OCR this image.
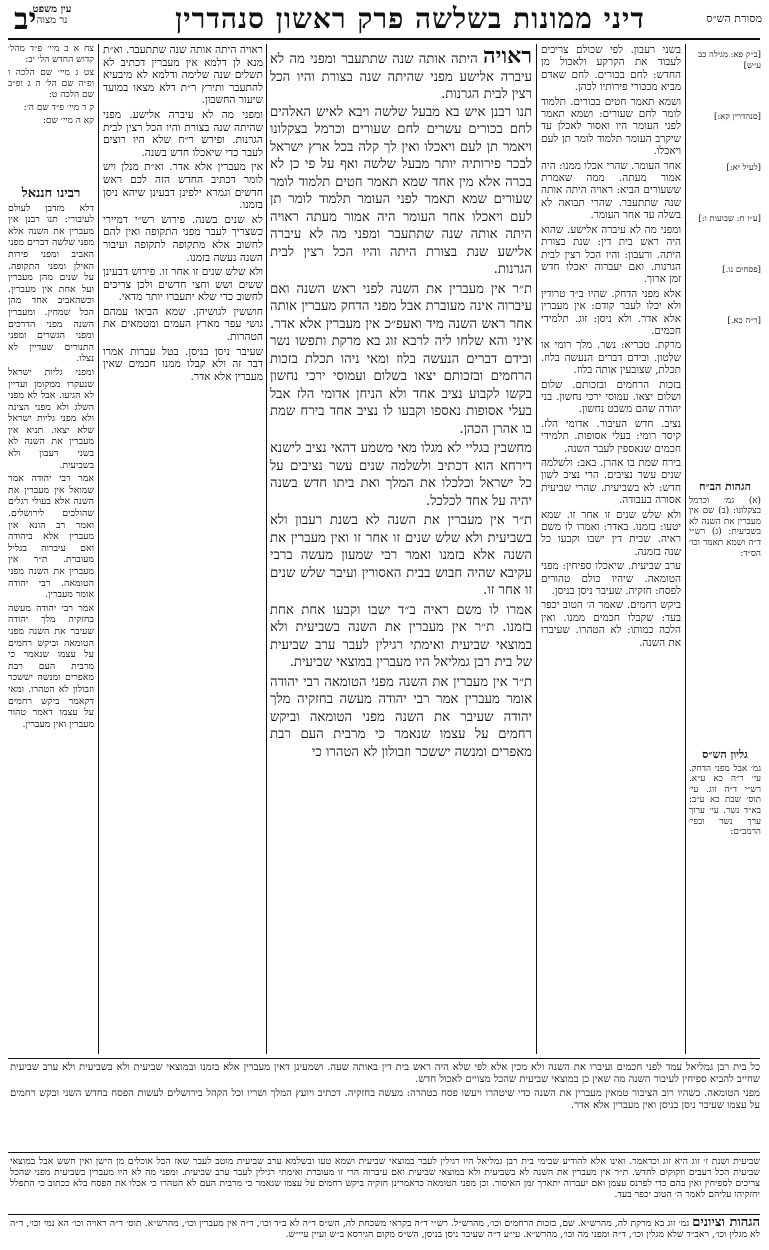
יב	דיני ממונות בשלשה פרק ראשון סנהדרין	מסורת הש״ס
עין משפט
נר מצוה

צח א ב מיי׳ פ״ד מהל׳ קדוש החדש הל׳ יב:

צט ג מיי׳ שם הלכה ו ופ״ה שם הל׳ ה ג ופ״ב שם הלכה ט:

ק ד מיי׳ פ״ד שם ה׳:

קא ה מיי׳ שם:

רבינו חננאל

דלא מזדבן לעולם לעיבורי: תנו רבנן אין מעברין את השנה אלא מפני שלשה דברים מפני האביב ומפני פירות האילן ומפני התקופה. על שנים מהן מעברין ועל אחת אין מעברין. וכשהאביב אחד מהן הכל שמחין. ומעברין השנה מפני הדרכים ומפני הגשרים ומפני התנורים שעדיין לא נצלו.

ומפני גליות ישראל שנעקרו ממקומן ועדיין לא הגיעו. אבל לא מפני השלג ולא מפני הצינה ולא מפני גליות ישראל שלא יצאו. תניא אין מעברין את השנה לא בשני רעבון ולא בשביעית.

אמר רבי יהודה אמר שמואל אין מעברין את השנה אלא בעולי רגלים שהולכים לירושלים. ואמר רב הונא אין מעברין אלא ביהודה ואם עיברוה בגליל מעוברת. ת״ר אין מעברין את השנה מפני הטומאה. רבי יהודה אומר מעברין.

אמר רבי יהודה מעשה בחזקיה מלך יהודה שעיבר את השנה מפני הטומאה וביקש רחמים על עצמו שנאמר כי מרבית העם רבת מאפרים ומנשה יששכר וזבולון לא הטהרו. ומאי דקאמר ביקש רחמים על עצמו דאמר טהור מעברין ואין מעברין.

ראויה היתה אותה שנה שתתעבר. וא״ת מנא לן דלמא אין מעברין דכתיב לא תשלים שנה שלימה ודלמא לא מיבעיא להתעבר ותירץ ר״ת דלא מצאו במועד שיעור החשבון.

ומפני מה לא עיברה אלישע. מפני שהיתה שנה בצורת והיו הכל רצין לבית הגרנות. ופירש ר״ח שלא היו רוצים לעבר כדי שיאכלו חדש בשנה.

אין מעברין אלא אדר. וא״ת מנלן ויש לומר דכתיב החדש הזה לכם ראש חדשים וגמרא ילפינן דבעינן שיהא ניסן בזמנו.

לא שנים בשנה. פירוש רש״י דמיירי כשצריך לעבר מפני התקופה ואין להם לחשוב אלא מתקופה לתקופה ועיבור השנה נעשה בזמנו.

ולא שלש שנים זו אחר זו. פירוש דבעינן ששים ושש וחצי חדשים ולכן צריכים לחשוב כדי שלא יתעברו יותר מדאי.

חוששין לגושיהן. שמא הביאו עמהם גושי עפר מארץ העמים ומטמאים את הטהרות.

שעיבר ניסן בניסן. בטל עברות אמרו דבר זה ולא קבלו ממנו חכמים שאין מעברין אלא אדר.

ראויה היתה אותה שנה שתתעבר ומפני מה לא עיברה אלישע מפני שהיתה שנה בצורת והיו הכל רצין לבית הגרנות.

תנו רבנן איש בא מבעל שלשה ויבא לאיש האלהים לחם בכורים עשרים לחם שעורים וכרמל בצקלונו ויאמר תן לעם ויאכלו ואין לך קלה בכל ארץ ישראל לבכר פירותיה יותר מבעל שלשה ואף על פי כן לא בכרה אלא מין אחד שמא תאמר חטים תלמוד לומר שעורים שמא תאמר לפני העומר תלמוד לומר תן לעם ויאכלו אחר העומר היה אמור מעתה ראויה היתה אותה שנה שתתעבר ומפני מה לא עיברה אלישע שנת בצורת היתה והיו הכל רצין לבית הגרנות.

ת״ר אין מעברין את השנה לפני ראש השנה ואם עיברוה אינה מעוברת אבל מפני הדחק מעברין אותה אחר ראש השנה מיד ואעפ״כ אין מעברין אלא אדר. איני והא שלחו ליה לרבא זוג בא מרקת ותפשו נשר ובידם דברים הנעשה בלוז ומאי ניהו תכלת בזכות הרחמים ובזכותם יצאו בשלום ועמוסי ירכי נחשון בקשו לקבוע נציב אחד ולא הניחן אדומי הלז אבל בעלי אסופות נאספו וקבעו לו נציב אחד בירח שמת בו אהרן הכהן.

מחשבין בגליי לא מגלו מאי משמע דהאי נציב לישנא דירחא הוא דכתיב ולשלמה שנים עשר נציבים על כל ישראל וכלכלו את המלך ואת ביתו חדש בשנה יהיה על אחד לכלכל.

ת״ר אין מעברין את השנה לא בשנת רעבון ולא בשביעית ולא שלש שנים זו אחר זו ואין מעברין את השנה אלא בזמנו ואמר רבי שמעון מעשה ברבי עקיבא שהיה חבוש בבית האסורין ועיבר שלש שנים זו אחר זו.

אמרו לו משם ראיה ב״ד ישבו וקבעו אחת אחת בזמנו. ת״ר אין מעברין את השנה בשביעית ולא במוצאי שביעית ואימתי רגילין לעבר ערב שביעית של בית רבן גמליאל היו מעברין במוצאי שביעית.

ת״ר אין מעברין את השנה מפני הטומאה רבי יהודה אומר מעברין אמר רבי יהודה מעשה בחזקיה מלך יהודה שעיבר את השנה מפני הטומאה וביקש רחמים על עצמו שנאמר כי מרבית העם רבת מאפרים ומנשה יששכר וזבולון לא הטהרו כי

בשני רעבון. לפי שכולם צריכים לעבוד את הקרקע ולאכול מן החדש: לחם בכורים. לחם שאדם מביא מבכורי פירותיו לכהן.

ושמא תאמר חטים בכורים. תלמוד לומר לחם שעורים: ושמא תאמר לפני העומר היו ואסור לאכלן עד שיקרב העומר תלמוד לומר תן לעם ויאכלו.

אחר העומר. שהרי אכלו ממנו: היה אמור מעתה. ממה שאמרת ששעורים הביא: ראויה היתה אותה שנה שתתעבר. שהרי תבואה לא בשלה עד אחר העומר.

ומפני מה לא עיברה אלישע. שהוא היה ראש בית דין: שנת בצורת היתה. ורעבון: והיו הכל רצין לבית הגרנות. ואם יעברוה יאכלו חדש זמן ארוך.

אלא מפני הדחק. שהיו ב״ד טרודין ולא יכלו לעבר קודם: אין מעברין אלא אדר. ולא ניסן: זוג. תלמידי חכמים.

מרקת. טבריא: נשר. מלך רומי או שלטון. ובידם דברים הנעשה בלוז. תכלת, שצובעין אותה בלוז.

בזכות הרחמים ובזכותם. שלום ושלום יצאו. עמוסי ירכי נחשון. בני יהודה שהם משבט נחשון.

נציב. חדש העיבור. אדומי הלז. קיסר רומי: בעלי אסופות. תלמידי חכמים שנאספין לעבר השנה.

בירח שמת בו אהרן. באב: ולשלמה שנים עשר נציבים. הרי נציב לשון חדש: לא בשביעית. שהרי שביעית אסורה בעבודה.

ולא שלש שנים זו אחר זו. שמא יטעו: בזמנו. באדר: ואמרו לו משם ראיה. שבית דין ישבו וקבעו כל שנה בזמנה.

ערב שביעית. שיאכלו ספיחין: מפני הטומאה. שיהיו כולם טהורים לפסח: חזקיה. שעיבר ניסן בניסן.

ביקש רחמים. שאמר ה׳ הטוב יכפר בעד: שקבלו חכמים ממנו. ואין הלכה כמותו: לא הטהרו. שעיברו את השנה.

[ב״ק פא: מגילה כב ע״ש]

[סנהדרין קא:]

[לעיל יא:]

[ע״ז ח: שבועות ו:]

[פסחים נו.]

[ר״ה כא.]

הגהות הב״ח

(א) גמ׳ וכרמל בצקלונו: (ב) שם אין מעברין את השנה לא בשביעית: (ג) רש״י ד״ה ושמא תאמר וכו׳ הס״ד:

גליון הש״ס

גמ׳ אבל מפני הדחק. עי׳ ר״ה כא ע״א. רש״י ד״ה זוג. עי׳ תוס׳ שבת כא ע״ב: בא״ד נשר. עי׳ ערוך ערך נשר ובפי׳ הרמב״ם:

כל בית רבן גמליאל עמד לפני חכמים ועיברו את השנה ולא מכין אלא לפי שלא היה ראש בית דין באותה שעה. ושמעינן דאין מעברין אלא בזמנו ובמוצאי שביעית ולא בשביעית ולא ערב שביעית שחייב להביא ספיחין לעיבור השנה מה שאין כן במוצאי שביעית שהכל מצויים לאכול חדש.

מפני הטומאה. כשהיו רוב הציבור טמאין מעברין את השנה כדי שיטהרו ויעשו פסח בטהרה: מעשה בחזקיה. דכתיב ויועץ המלך ושריו וכל הקהל בירושלים לעשות הפסח בחדש השני ובקש רחמים על עצמו שעיבר ניסן בניסן ואין מעברין אלא אדר.

שביעית ושנת ז׳ זוג היא זוג וכדאמר. ואינו אלא להודיע שבימי בית רבן גמליאל היו רגילין לעבר במוצאי שביעית ושמא טעו ובשלמא ערב שביעית מוטב לעבר שאז הכל אוכלים מן הישן ואין חשש אבל במוצאי שביעית הכל רעבים וזקוקים לחדש. ת״ר אין מעברין את השנה לא בשביעית ולא במוצאי שביעית ואם עיברוה הרי זו מעוברת ואימתי רגילין לעבר ערב שביעית. ומפני מה לא היו מעברין בשביעית מפני שהכל צריכים לספיחין ואין בהם כדי לפרנס עצמן ואם יעברוה יתארך זמן האיסור. וכן מפני הטומאה כדאמרינן חזקיה ביקש רחמים על עצמו שנאמר כי מרבית העם לא הטהרו כי אכלו את הפסח בלא ככתוב כי התפלל יחזקיהו עליהם לאמר ה׳ הטוב יכפר בעד.
הגהות וציונים גמ׳ זוג בא מרקת לה, מהרש״א. שם, בזכות הרחמים וכו׳, מהרש״ל. רש״י ד״ה בקראי משכחת לה, הש״ס ד״ה לא ב״ד וכו׳, ד״ה אין מעברין וכו׳, מהרש״א. תוס׳ ד״ה ראויה וכו׳ הא נמי וכו׳, ד״ה לא מגלין וכו׳, ראב״ד שלא מגלין וכו׳, ד״ה ומפני מה וכו׳, מהרש״א. עי״ע ד״ה שעיבר ניסן בניסן, הש״ס מקום הגירסא ב״ש ועיין עיי״ש.
